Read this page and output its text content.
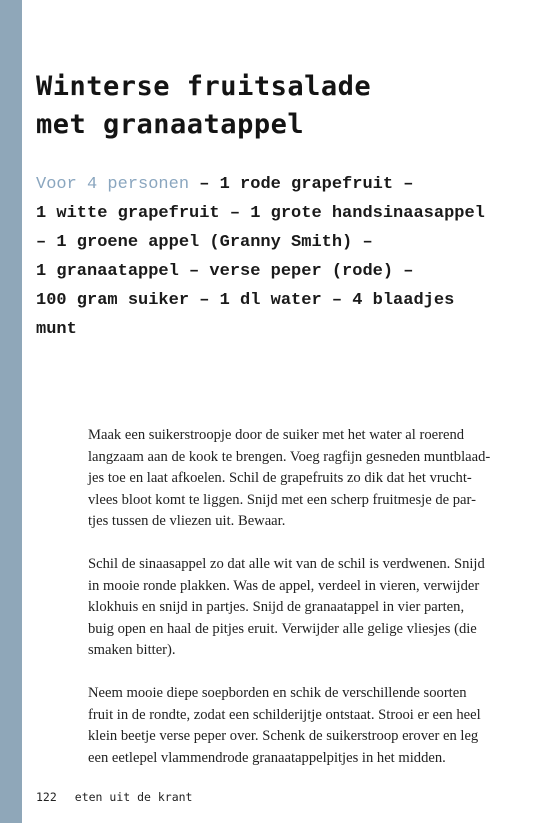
Winterse fruitsalade
met granaatappel
Voor 4 personen – 1 rode grapefruit –
1 witte grapefruit – 1 grote handsinaasappel
– 1 groene appel (Granny Smith) –
1 granaatappel – verse peper (rode) –
100 gram suiker – 1 dl water – 4 blaadjes
munt

Maak een suikerstroopje door de suiker met het water al roerend
langzaam aan de kook te brengen. Voeg ragfijn gesneden muntblaad-
jes toe en laat afkoelen. Schil de grapefruits zo dik dat het vrucht-
vlees bloot komt te liggen. Snijd met een scherp fruitmesje de par-
tjes tussen de vliezen uit. Bewaar.

Schil de sinaasappel zo dat alle wit van de schil is verdwenen. Snijd
in mooie ronde plakken. Was de appel, verdeel in vieren, verwijder
klokhuis en snijd in partjes. Snijd de granaatappel in vier parten,
buig open en haal de pitjes eruit. Verwijder alle gelige vliesjes (die
smaken bitter).

Neem mooie diepe soepborden en schik de verschillende soorten
fruit in de rondte, zodat een schilderijtje ontstaat. Strooi er een heel
klein beetje verse peper over. Schenk de suikerstroop erover en leg
een eetlepel vlammendrode granaatappelpitjes in het midden.

122 eten uit de krant
